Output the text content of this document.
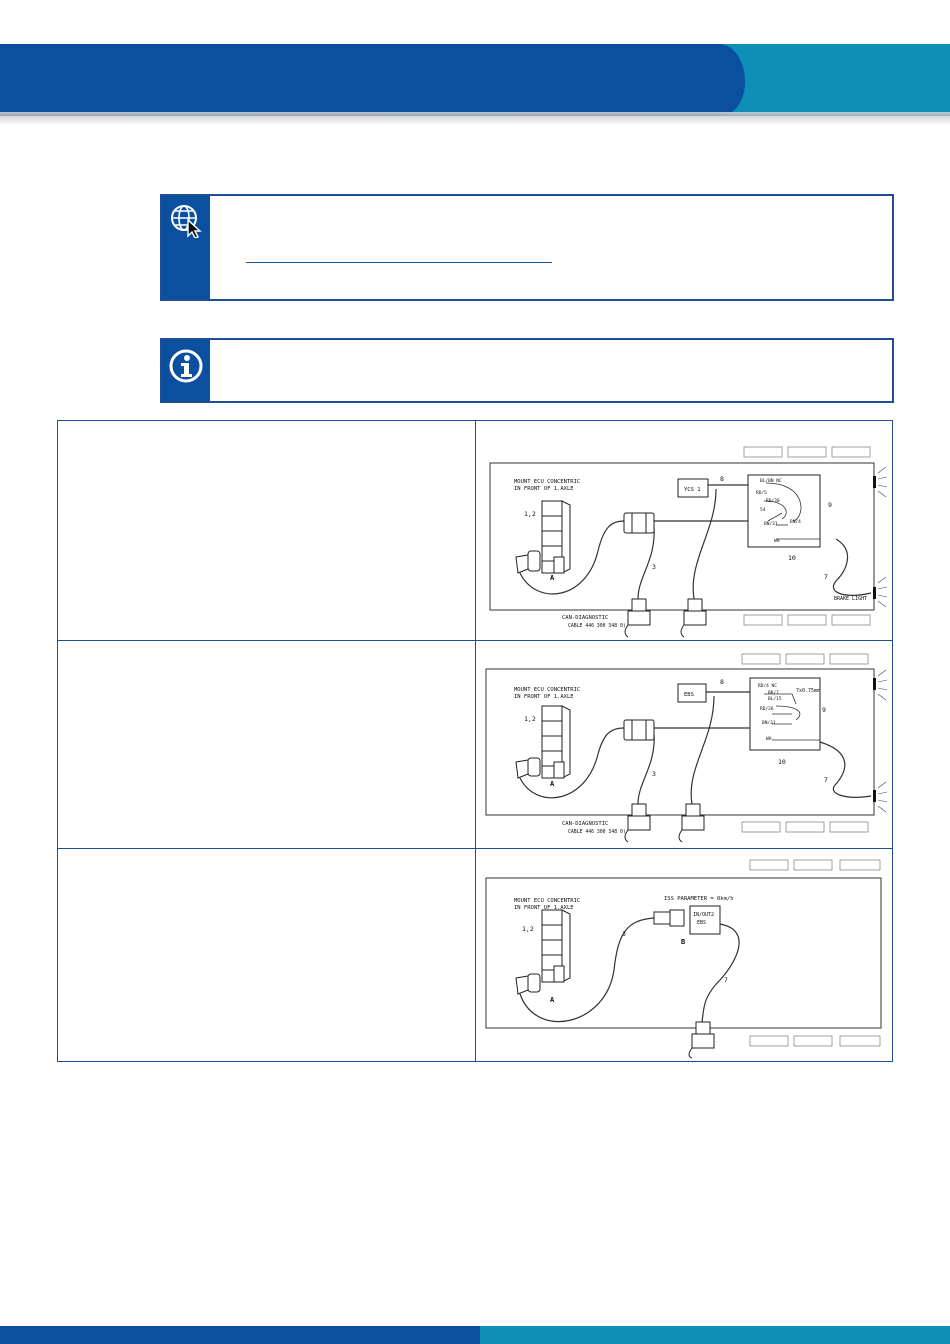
MOUNT ECU CONCENTRIC
IN FRONT OF 1.AXLE
1,2
A
3
YCS 1
8	BL/BN NC
RD/5
RD/30
54
BN/31	BN/4
WH
9
10
7
BRAKE LIGHT
CAN-DIAGNOSTIC
CABLE 446 300 348 0)
MOUNT ECU CONCENTRIC
IN FRONT OF 1.AXLE
1,2
A
3
EBS
8
RD/4 NC
BK/7
BL/15
7x0.75mm
RD/26
BN/31
WH
9
10
7
CAN-DIAGNOSTIC
CABLE 446 300 348 0)
MOUNT ECU CONCENTRIC
IN FRONT OF 1.AXLE
1,2
A
B
3
7
ISS PARAMETER = 0km/h
IN/OUT2
EBS
